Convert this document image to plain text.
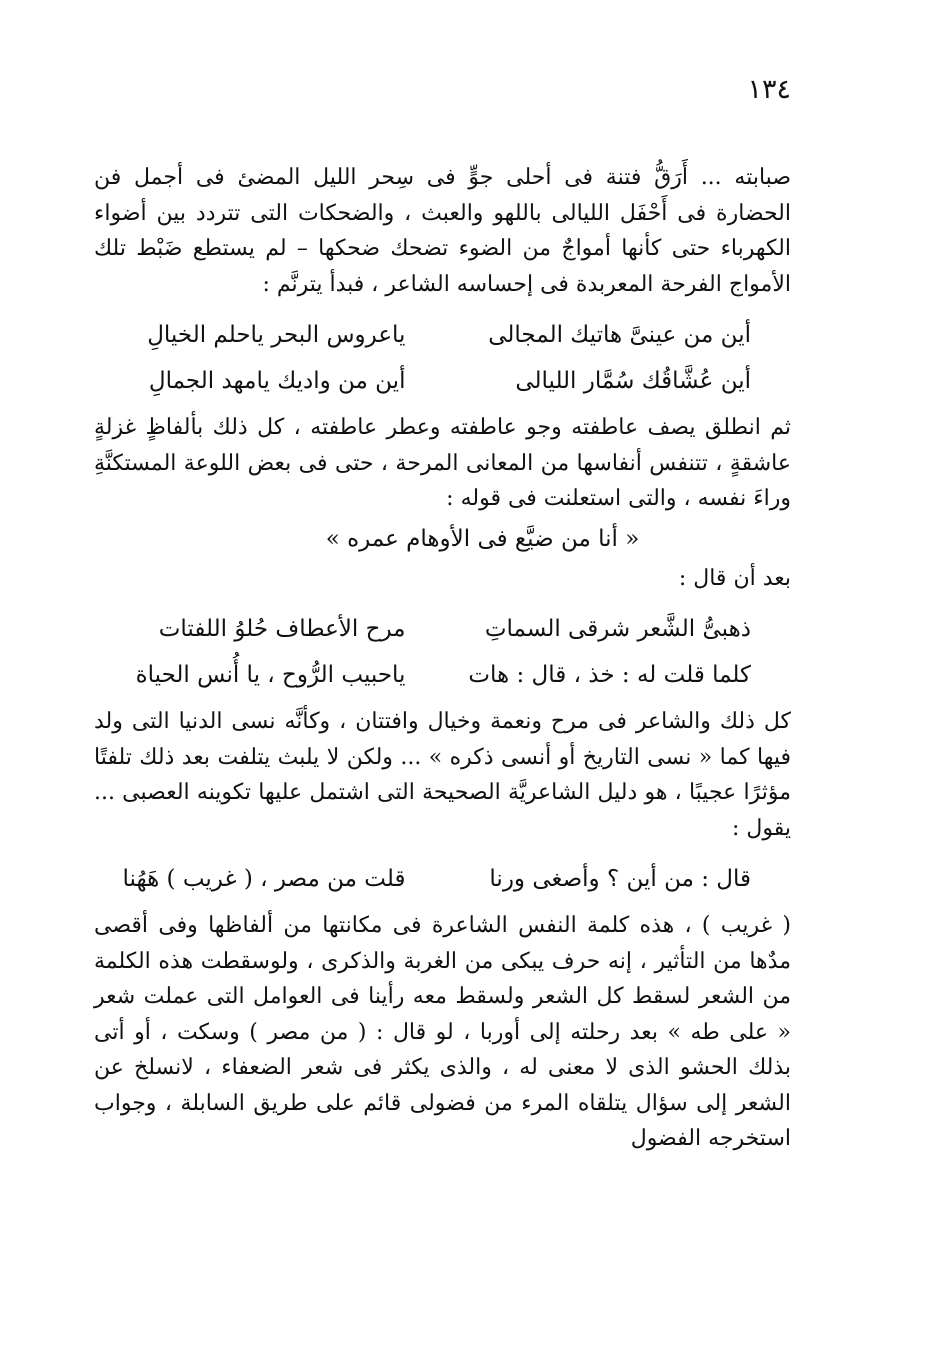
١٣٤

صبابته ... أَرَقُّ فتنة فى أحلى جوٍّ فى سِحر الليل المضئ فى أجمل فن الحضارة فى أَحْفَل الليالى باللهو والعبث ، والضحكات التى تتردد بين أضواء الكهرباء حتى كأنها أمواجٌ من الضوء تضحك ضحكها – لم يستطع ضَبْط تلك الأمواج الفرحة المعربدة فى إحساسه الشاعر ، فبدأ يترنَّم :

أين من عينىَّ هاتيك المجالى
ياعروس البحر ياحلم الخيالِ
أين عُشَّاقُك سُمَّار الليالى
أين من واديك يامهد الجمالِ

ثم انطلق يصف عاطفته وجو عاطفته وعطر عاطفته ، كل ذلك بألفاظٍ غزلةٍ عاشقةٍ ، تتنفس أنفاسها من المعانى المرحة ، حتى فى بعض اللوعة المستكنَّةِ وراءَ نفسه ، والتى استعلنت فى قوله :

« أنا من ضيَّع فى الأوهام عمره »
بعد أن قال :
ذهبىُّ الشَّعر شرقى السماتِ
مرح الأعطاف حُلوُ اللفتات
كلما قلت له : خذ ، قال : هات
ياحبيب الرُّوح ، يا أُنس الحياة

كل ذلك والشاعر فى مرح ونعمة وخيال وافتتان ، وكأنَّه نسى الدنيا التى ولد فيها كما « نسى التاريخ أو أنسى ذكره » ... ولكن لا يلبث يتلفت بعد ذلك تلفتًا مؤثرًا عجيبًا ، هو دليل الشاعريَّة الصحيحة التى اشتمل عليها تكوينه العصبى ... يقول :

قال : من أين ؟ وأصغى ورنا
قلت من مصر ، ( غريب ) هَهُنا

( غريب ) ، هذه كلمة النفس الشاعرة فى مكانتها من ألفاظها وفى أقصى مدٌها من التأثير ، إنه حرف يبكى من الغربة والذكرى ، ولوسقطت هذه الكلمة من الشعر لسقط كل الشعر ولسقط معه رأينا فى العوامل التى عملت شعر « على طه » بعد رحلته إلى أوربا ، لو قال : ( من مصر ) وسكت ، أو أتى بذلك الحشو الذى لا معنى له ، والذى يكثر فى شعر الضعفاء ، لانسلخ عن الشعر إلى سؤال يتلقاه المرء من فضولى قائم على طريق السابلة ، وجواب استخرجه الفضول
